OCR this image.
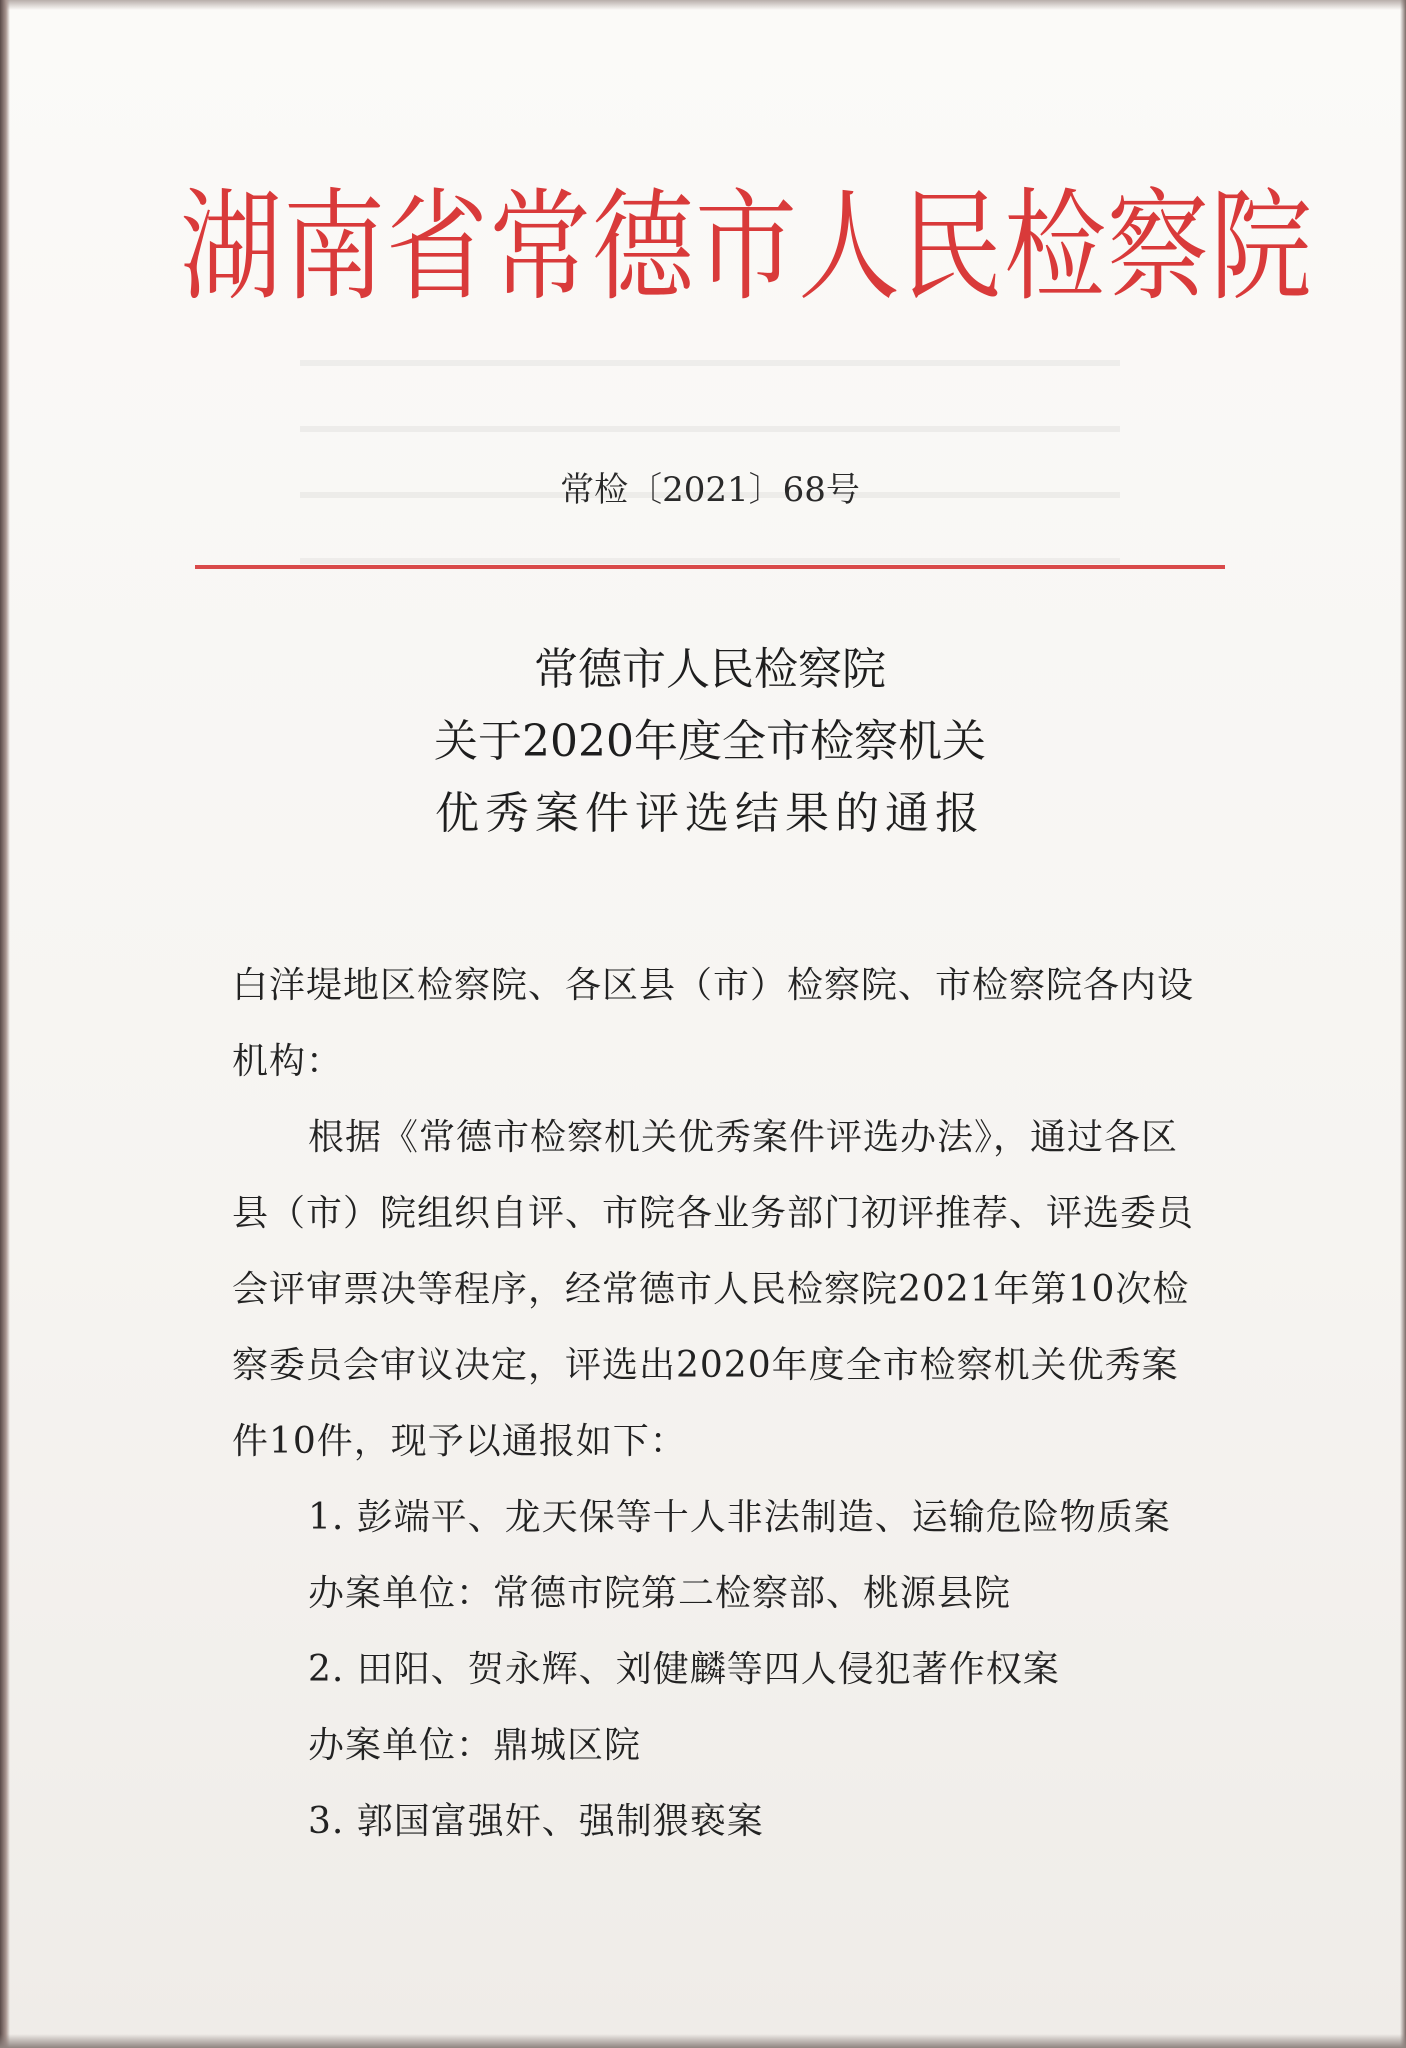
湖南省常德市人民检察院
常检〔2021〕68号

常德市人民检察院

关于2020年度全市检察机关

优秀案件评选结果的通报

白洋堤地区检察院、各区县（市）检察院、市检察院各内设机构：

根据《常德市检察机关优秀案件评选办法》，通过各区县（市）院组织自评、市院各业务部门初评推荐、评选委员会评审票决等程序，经常德市人民检察院2021年第10次检察委员会审议决定，评选出2020年度全市检察机关优秀案件10件，现予以通报如下：

1. 彭端平、龙天保等十人非法制造、运输危险物质案

办案单位：常德市院第二检察部、桃源县院

2. 田阳、贺永辉、刘健麟等四人侵犯著作权案

办案单位：鼎城区院

3. 郭国富强奸、强制猥亵案
